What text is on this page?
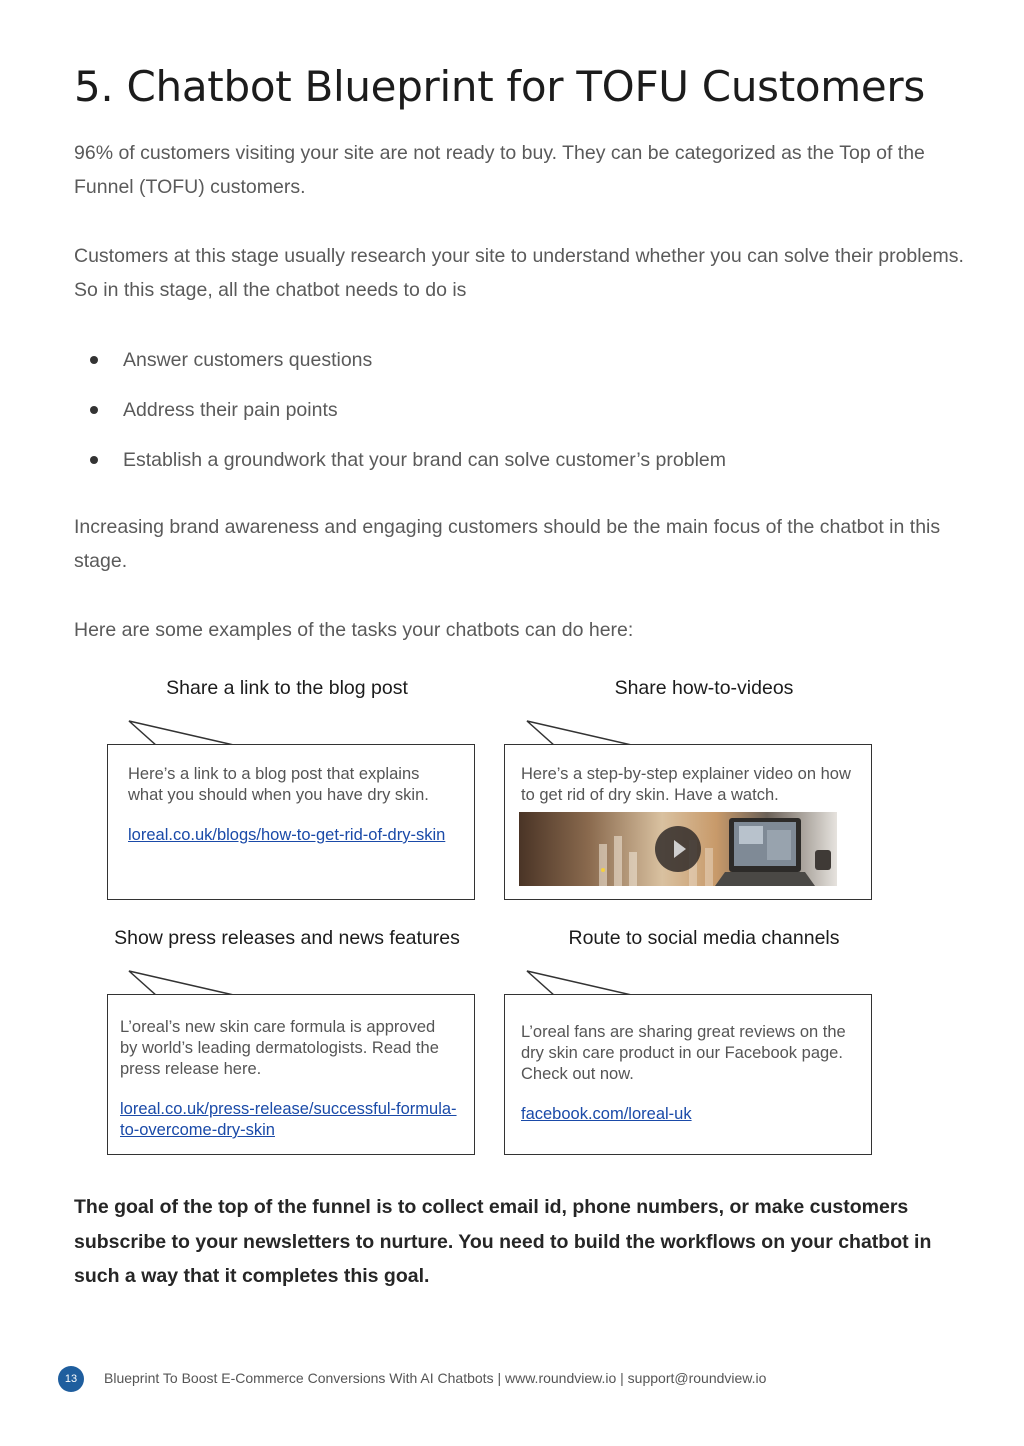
5. Chatbot Blueprint for TOFU Customers

96% of customers visiting your site are not ready to buy. They can be categorized as the Top of the Funnel (TOFU) customers.

Customers at this stage usually research your site to understand whether you can solve their problems. So in this stage, all the chatbot needs to do is

Answer customers questions
Address their pain points
Establish a groundwork that your brand can solve customer’s problem

Increasing brand awareness and engaging customers should be the main focus of the chatbot in this stage.

Here are some examples of the tasks your chatbots can do here:

Share a link to the blog post
Here’s a link to a blog post that explains what you should when you have dry skin.
loreal.co.uk/blogs/how-to-get-rid-of-dry-skin
Share how-to-videos
Here’s a step-by-step explainer video on how to get rid of dry skin. Have a watch.
Show press releases and news features
L’oreal’s new skin care formula is approved by world’s leading dermatologists. Read the press release here.
loreal.co.uk/press-release/successful-formula-to-overcome-dry-skin
Route to social media channels
L’oreal fans are sharing great reviews on the dry skin care product in our Facebook page. Check out now.
facebook.com/loreal-uk

The goal of the top of the funnel is to collect email id, phone numbers, or make customers subscribe to your newsletters to nurture. You need to build the workflows on your chatbot in such a way that it completes this goal.

13	Blueprint To Boost E-Commerce Conversions With AI Chatbots | www.roundview.io | support@roundview.io
